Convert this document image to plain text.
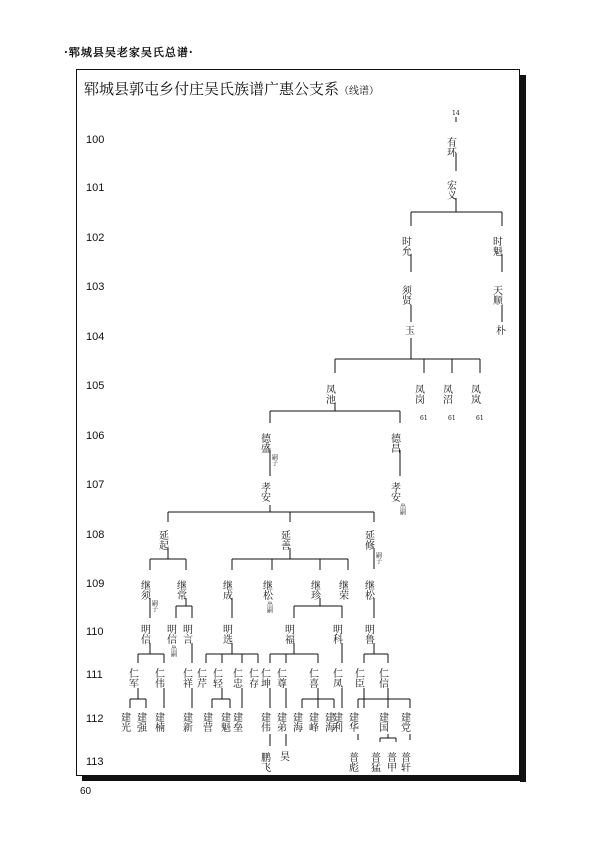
·郓城县吴老家吴氏总谱·
郓城县郭屯乡付庄吴氏族谱广惠公支系（线谱）
100
101
102
103
104
105
106
107
108
109
110
111
112
113
60
14
有环
宏义
时允	时魁
须贤	天顺
玉	朴
凤池	凤岗 凤沼 凤岚
61	61	61
德盛	德昌
嗣子
孝安	孝安
出嗣
延起	延善	延修
嗣子
继须	继常	继成	继松	继珍 继荣 继松
嗣子	出嗣
明信 明信 明言
出嗣
明选	明福	明科 明鲁
仁军 仁伟 仁祥 仁芹 仁轻 仁忠 仁存 仁坤 仁尊 仁喜 仁凤 仁臣 仁信
建光 建强 建楠 建新 建营 建魁 建垒 建伟 建弟 建海 建峰 建海
建利 建华 建国 建党
鹏飞 昊	普彪 普猛 普甲 普轩
